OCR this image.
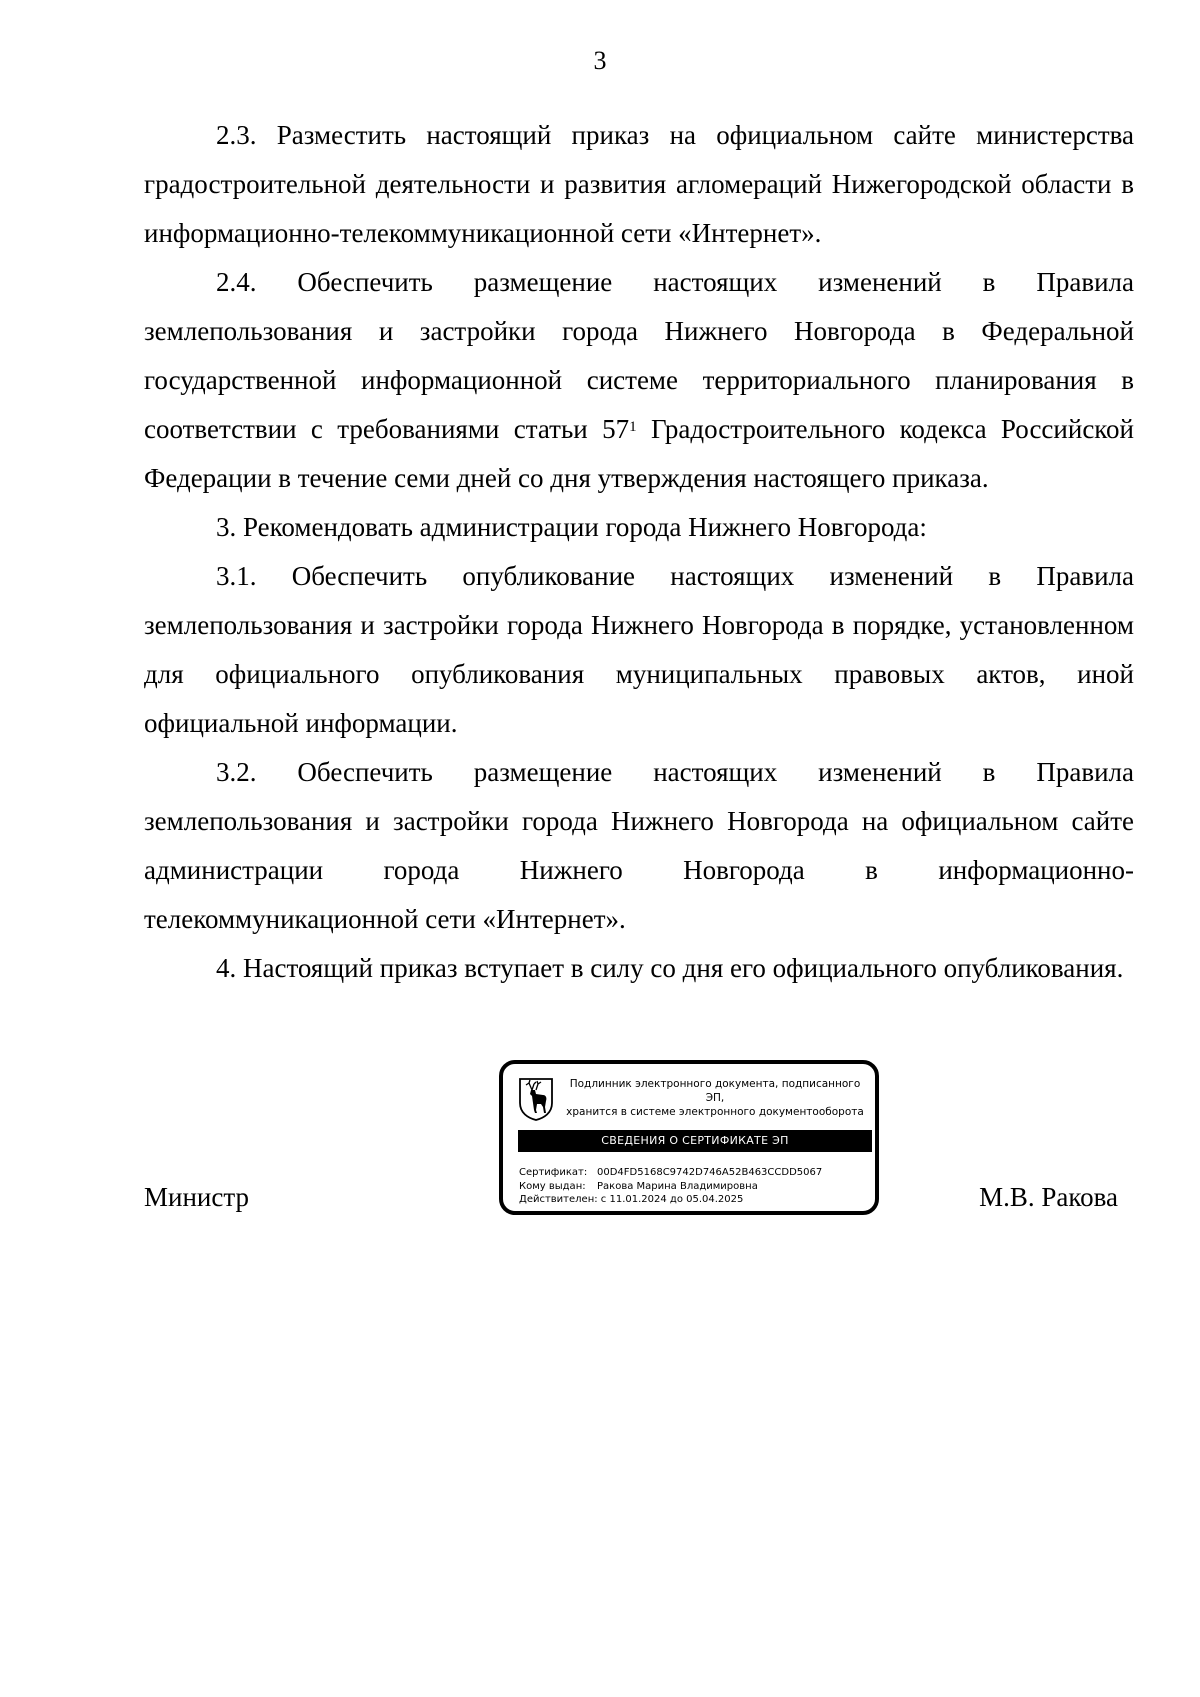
3

2.3. Разместить настоящий приказ на официальном сайте министерства градостроительной деятельности и развития агломераций Нижегородской области в информационно-телекоммуникационной сети «Интернет».

2.4. Обеспечить размещение настоящих изменений в Правила землепользования и застройки города Нижнего Новгорода в Федеральной государственной информационной системе территориального планирования в соответствии с требованиями статьи $57^1$ Градостроительного кодекса Российской Федерации в течение семи дней со дня утверждения настоящего приказа.

3. Рекомендовать администрации города Нижнего Новгорода:

3.1. Обеспечить опубликование настоящих изменений в Правила землепользования и застройки города Нижнего Новгорода в порядке, установленном для официального опубликования муниципальных правовых актов, иной официальной информации.

3.2. Обеспечить размещение настоящих изменений в Правила землепользования и застройки города Нижнего Новгорода на официальном сайте администрации города Нижнего Новгорода в информационно-телекоммуникационной сети «Интернет».

4. Настоящий приказ вступает в силу со дня его официального опубликования.

Министр	М.В. Ракова
Подлинник электронного документа, подписанного ЭП,
хранится в системе электронного документооборота
СВЕДЕНИЯ О СЕРТИФИКАТЕ ЭП
Сертификат: 00D4FD5168C9742D746A52B463CCDD5067
Кому выдан: Ракова Марина Владимировна
Действителен: с 11.01.2024 до 05.04.2025
